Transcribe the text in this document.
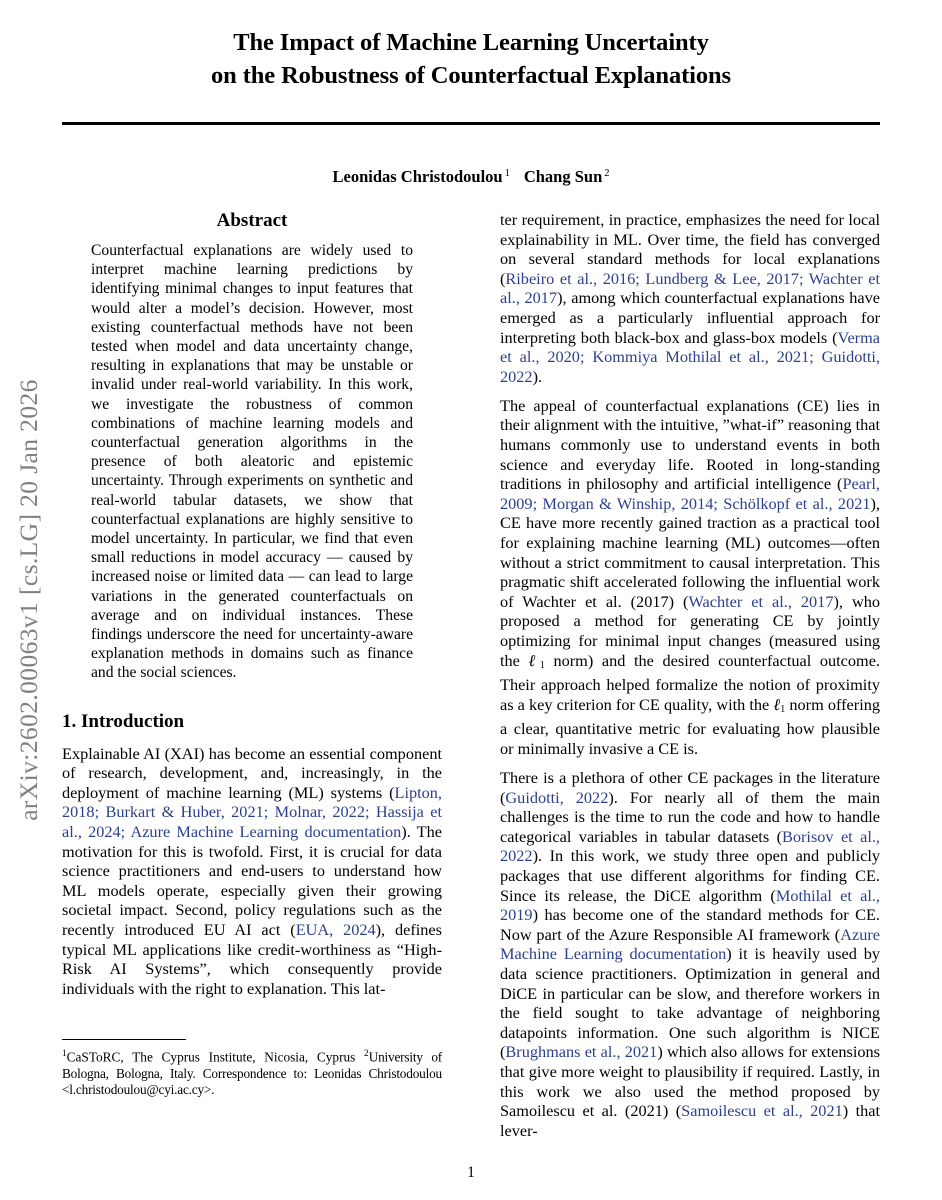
arXiv:2602.00063v1 [cs.LG] 20 Jan 2026
The Impact of Machine Learning Uncertainty
on the Robustness of Counterfactual Explanations
Leonidas Christodoulou $^1$ Chang Sun $^2$
Abstract

Counterfactual explanations are widely used to interpret machine learning predictions by identifying minimal changes to input features that would alter a model’s decision. However, most existing counterfactual methods have not been tested when model and data uncertainty change, resulting in explanations that may be unstable or invalid under real-world variability. In this work, we investigate the robustness of common combinations of machine learning models and counterfactual generation algorithms in the presence of both aleatoric and epistemic uncertainty. Through experiments on synthetic and real-world tabular datasets, we show that counterfactual explanations are highly sensitive to model uncertainty. In particular, we find that even small reductions in model accuracy — caused by increased noise or limited data — can lead to large variations in the generated counterfactuals on average and on individual instances. These findings underscore the need for uncertainty-aware explanation methods in domains such as finance and the social sciences.

1. Introduction

Explainable AI (XAI) has become an essential component of research, development, and, increasingly, in the deployment of machine learning (ML) systems (Lipton, 2018; Burkart & Huber, 2021; Molnar, 2022; Hassija et al., 2024; Azure Machine Learning documentation). The motivation for this is twofold. First, it is crucial for data science practitioners and end-users to understand how ML models operate, especially given their growing societal impact. Second, policy regulations such as the recently introduced EU AI act (EUA, 2024), defines typical ML applications like credit-worthiness as “High-Risk AI Systems”, which consequently provide individuals with the right to explanation. This lat-

$^1$CaSToRC, The Cyprus Institute, Nicosia, Cyprus $^2$University of Bologna, Bologna, Italy. Correspondence to: Leonidas Christodoulou <l.christodoulou@cyi.ac.cy>.

ter requirement, in practice, emphasizes the need for local explainability in ML. Over time, the field has converged on several standard methods for local explanations (Ribeiro et al., 2016; Lundberg & Lee, 2017; Wachter et al., 2017), among which counterfactual explanations have emerged as a particularly influential approach for interpreting both black-box and glass-box models (Verma et al., 2020; Kommiya Mothilal et al., 2021; Guidotti, 2022).

The appeal of counterfactual explanations (CE) lies in their alignment with the intuitive, ”what-if” reasoning that humans commonly use to understand events in both science and everyday life. Rooted in long-standing traditions in philosophy and artificial intelligence (Pearl, 2009; Morgan & Winship, 2014; Schölkopf et al., 2021), CE have more recently gained traction as a practical tool for explaining machine learning (ML) outcomes—often without a strict commitment to causal interpretation. This pragmatic shift accelerated following the influential work of Wachter et al. (2017) (Wachter et al., 2017), who proposed a method for generating CE by jointly optimizing for minimal input changes (measured using the ℓ$_1$ norm) and the desired counterfactual outcome. Their approach helped formalize the notion of proximity as a key criterion for CE quality, with the ℓ$_1$ norm offering a clear, quantitative metric for evaluating how plausible or minimally invasive a CE is.

There is a plethora of other CE packages in the literature (Guidotti, 2022). For nearly all of them the main challenges is the time to run the code and how to handle categorical variables in tabular datasets (Borisov et al., 2022). In this work, we study three open and publicly packages that use different algorithms for finding CE. Since its release, the DiCE algorithm (Mothilal et al., 2019) has become one of the standard methods for CE. Now part of the Azure Responsible AI framework (Azure Machine Learning documentation) it is heavily used by data science practitioners. Optimization in general and DiCE in particular can be slow, and therefore workers in the field sought to take advantage of neighboring datapoints information. One such algorithm is NICE (Brughmans et al., 2021) which also allows for extensions that give more weight to plausibility if required. Lastly, in this work we also used the method proposed by Samoilescu et al. (2021) (Samoilescu et al., 2021) that lever-

1
